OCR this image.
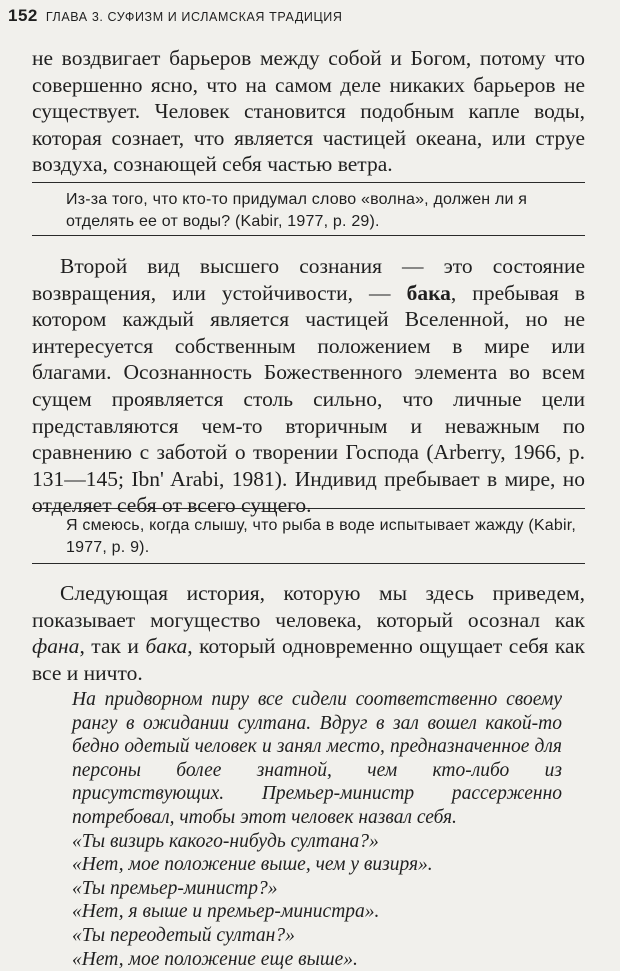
152 ГЛАВА 3. СУФИЗМ И ИСЛАМСКАЯ ТРАДИЦИЯ
не воздвигает барьеров между собой и Богом, потому что совершенно ясно, что на самом деле никаких барьеров не существует. Человек становится подобным капле воды, которая сознает, что является частицей океана, или струе воздуха, сознающей себя частью ветра.
Из-за того, что кто-то придумал слово «волна», должен ли я отделять ее от воды? (Kabir, 1977, p. 29).
Второй вид высшего сознания — это состояние возвращения, или устойчивости, — бака, пребывая в котором каждый является частицей Вселенной, но не интересуется собственным положением в мире или благами. Осознанность Божественного элемента во всем сущем проявляется столь сильно, что личные цели представляются чем-то вторичным и неважным по сравнению с заботой о творении Господа (Arberry, 1966, p. 131—145; Ibn' Arabi, 1981). Индивид пребывает в мире, но отделяет себя от всего сущего.
Я смеюсь, когда слышу, что рыба в воде испытывает жажду (Kabir, 1977, p. 9).
Следующая история, которую мы здесь приведем, показывает могущество человека, который осознал как фана, так и бака, который одновременно ощущает себя как все и ничто.
На придворном пиру все сидели соответственно своему рангу в ожидании султана. Вдруг в зал вошел какой-то бедно одетый человек и занял место, предназначенное для персоны более знатной, чем кто-либо из присутствующих. Премьер-министр рассерженно потребовал, чтобы этот человек назвал себя.
«Ты визирь какого-нибудь султана?»
«Нет, мое положение выше, чем у визиря».
«Ты премьер-министр?»
«Нет, я выше и премьер-министра».
«Ты переодетый султан?»
«Нет, мое положение еще выше».
